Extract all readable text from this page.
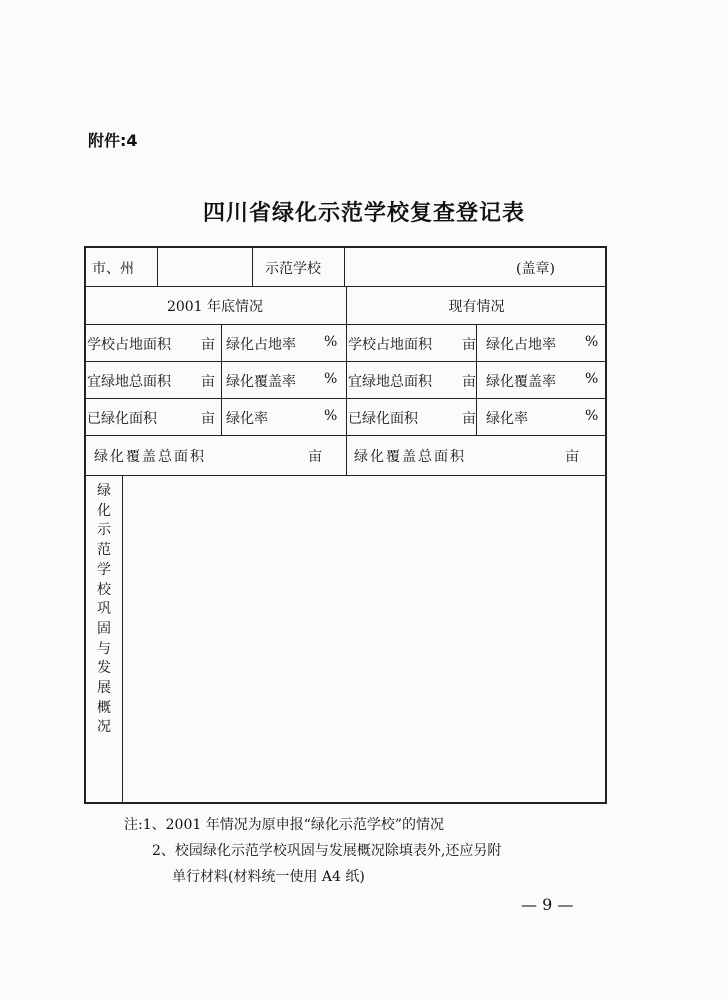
附件:4
四川省绿化示范学校复查登记表
市、州	示范学校	(盖章)
2001 年底情况	现有情况
学校占地面积 亩 绿化占地率 % 学校占地面积 亩 绿化占地率 %
宜绿地总面积 亩 绿化覆盖率 % 宜绿地总面积 亩 绿化覆盖率 %
已绿化面积	亩 绿化率	% 已绿化面积	亩 绿化率	%
绿化覆盖总面积	亩 绿化覆盖总面积	亩
绿
化
示
范
学
校
巩
固
与
发
展
概
况
注:1、2001 年情况为原申报“绿化示范学校”的情况
2、校园绿化示范学校巩固与发展概况除填表外,还应另附
单行材料(材料统一使用 A4 纸)
— 9 —
